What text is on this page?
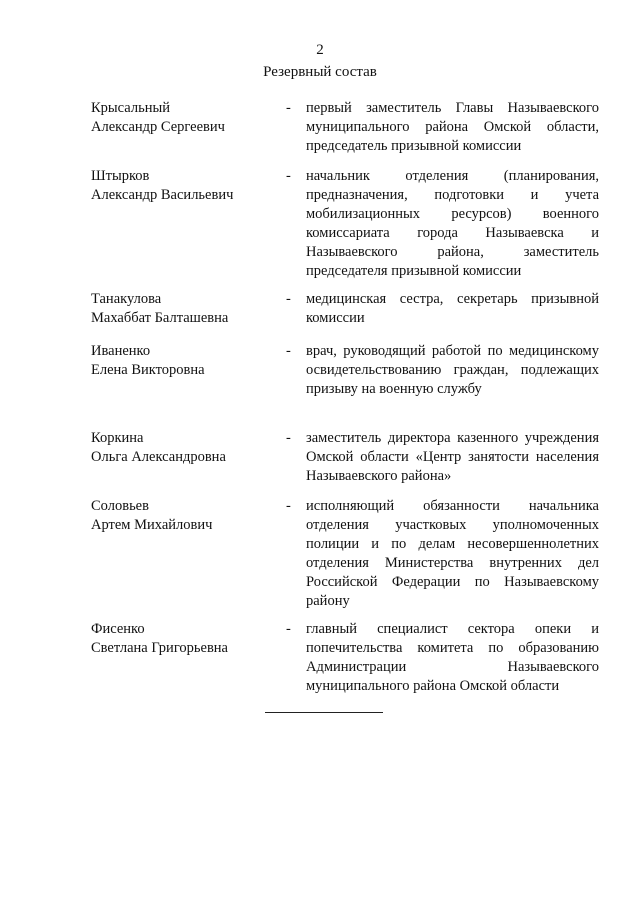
2
Резервный состав
Крысальный
Александр Сергеевич
- первый заместитель Главы Называевского муниципального района Омской области, председатель призывной комиссии
Штырков
Александр Васильевич
- начальник отделения (планирования, предназначения, подготовки и учета мобилизационных ресурсов) военного комиссариата города Называевска и Называевского района, заместитель председателя призывной комиссии
Танакулова
Махаббат Балташевна
- медицинская сестра, секретарь призывной комиссии
Иваненко
Елена Викторовна
- врач, руководящий работой по медицинскому освидетельствованию граждан, подлежащих призыву на военную службу
Коркина
Ольга Александровна
- заместитель директора казенного учреждения Омской области «Центр занятости населения Называевского района»
Соловьев
Артем Михайлович
- исполняющий обязанности начальника отделения участковых уполномоченных полиции и по делам несовершеннолетних отделения Министерства внутренних дел Российской Федерации по Называевскому району
Фисенко
Светлана Григорьевна
- главный специалист сектора опеки и попечительства комитета по образованию Администрации Называевского муниципального района Омской области
